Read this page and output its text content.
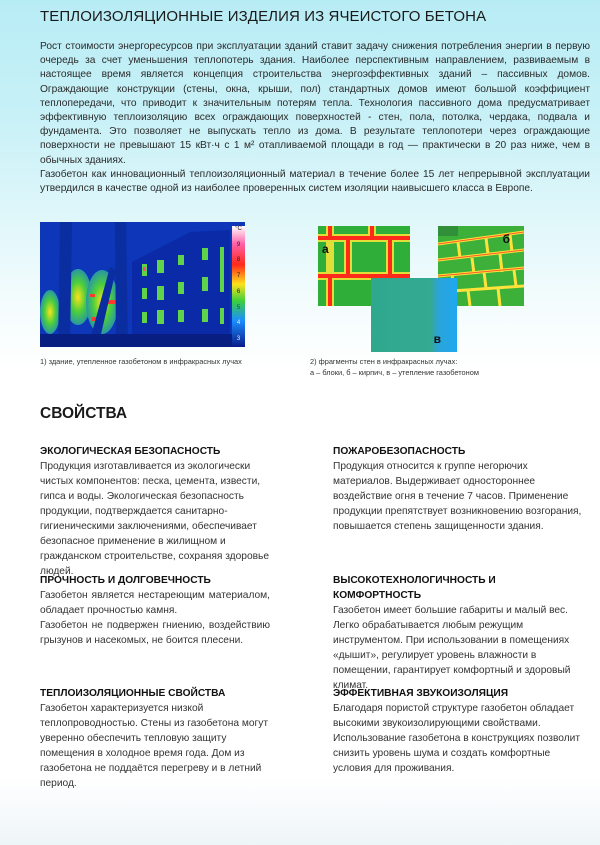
ТЕПЛОИЗОЛЯЦИОННЫЕ ИЗДЕЛИЯ ИЗ ЯЧЕИСТОГО БЕТОНА

Рост стоимости энергоресурсов при эксплуатации зданий ставит задачу снижения потребления энергии в первую очередь за счет уменьшения теплопотерь здания. Наиболее перспективным направлением, развиваемым в настоящее время является концепция строительства энергоэффективных зданий – пассивных домов. Ограждающие конструкции (стены, окна, крыши, пол) стандартных домов имеют большой коэффициент теплопередачи, что приводит к значительным потерям тепла. Технология пассивного дома предусматривает эффективную теплоизоляцию всех ограждающих поверхностей - стен, пола, потолка, чердака, подвала и фундамента. Это позволяет не выпускать тепло из дома. В результате теплопотери через ограждающие поверхности не превышают 15 кВт·ч с 1 м² отапливаемой площади в год — практически в 20 раз ниже, чем в обычных зданиях.

Газобетон как инновационный теплоизоляционный материал в течение более 15 лет непрерывной эксплуатации утвердился в качестве одной из наиболее проверенных систем изоляции наивысшего класса в Европе.

°C
9
8
7
6
5
4
3
1) здание, утепленное газобетоном в инфракрасных лучах
а
б
в
2) фрагменты стен в инфракрасных лучах:
а – блоки, б – кирпич, в – утепление газобетоном
СВОЙСТВА
ЭКОЛОГИЧЕСКАЯ БЕЗОПАСНОСТЬ

Продукция изготавливается из экологически чистых компонентов: песка, цемента, извести, гипса и воды. Экологическая безопасность продукции, подтверждается санитарно-гигиеническими заключениями, обеспечивает безопасное применение в жилищном и гражданском строительстве, сохраняя здоровье людей.

ПОЖАРОБЕЗОПАСНОСТЬ

Продукция относится к группе негорючих материалов. Выдерживает одностороннее воздействие огня в течение 7 часов. Применение продукции препятствует возникновению возгорания, повышается степень защищенности здания.

ПРОЧНОСТЬ И ДОЛГОВЕЧНОСТЬ

Газобетон является нестареющим материалом, обладает прочностью камня.

Газобетон не подвержен гниению, воздействию грызунов и насекомых, не боится плесени.

ВЫСОКОТЕХНОЛОГИЧНОСТЬ И КОМФОРТНОСТЬ

Газобетон имеет большие габариты и малый вес. Легко обрабатывается любым режущим инструментом. При использовании в помещениях «дышит», регулирует уровень влажности в помещении, гарантирует комфортный и здоровый климат.

ТЕПЛОИЗОЛЯЦИОННЫЕ СВОЙСТВА

Газобетон характеризуется низкой теплопроводностью. Стены из газобетона могут уверенно обеспечить тепловую защиту помещения в холодное время года. Дом из газобетона не поддаётся перегреву и в летний период.

ЭФФЕКТИВНАЯ ЗВУКОИЗОЛЯЦИЯ

Благодаря пористой структуре газобетон обладает высокими звукоизолирующими свойствами. Использование газобетона в конструкциях позволит снизить уровень шума и создать комфортные условия для проживания.
